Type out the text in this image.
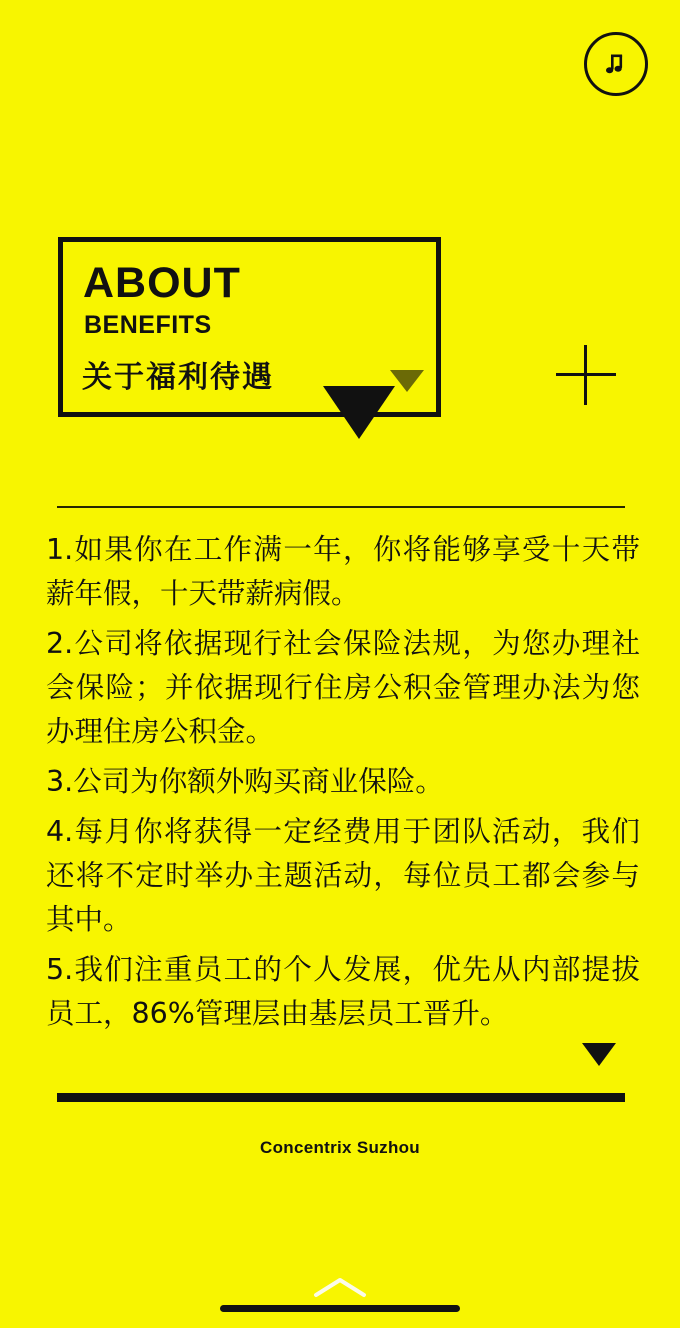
ABOUT
BENEFITS
关于福利待遇

1.如果你在工作满一年，你将能够享受十天带薪年假，十天带薪病假。

2.公司将依据现行社会保险法规，为您办理社会保险；并依据现行住房公积金管理办法为您办理住房公积金。

3.公司为你额外购买商业保险。

4.每月你将获得一定经费用于团队活动，我们还将不定时举办主题活动，每位员工都会参与其中。

5.我们注重员工的个人发展，优先从内部提拔员工，86%管理层由基层员工晋升。

Concentrix Suzhou
